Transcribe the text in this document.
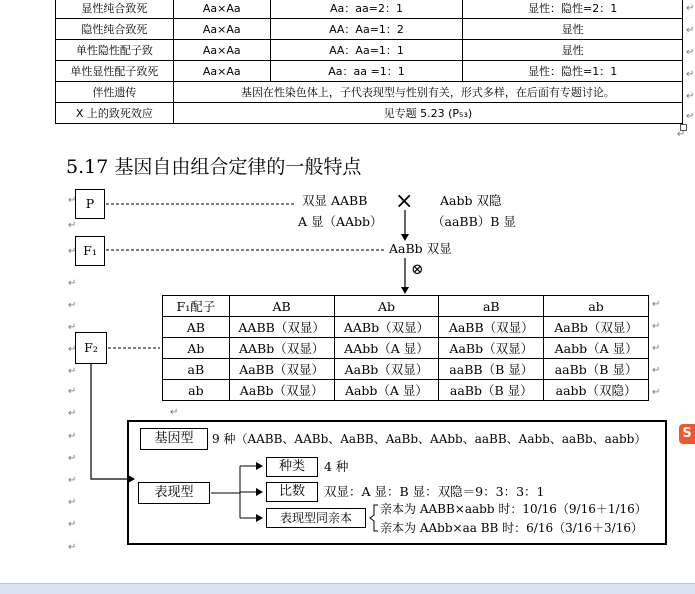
显性纯合致死	Aa×Aa	Aa：aa=2：1	显性：隐性=2：1
隐性纯合致死	Aa×Aa	AA：Aa=1：2	显性
单性隐性配子致	Aa×Aa	AA：Aa=1：1	显性
单性显性配子致死	Aa×Aa	Aa：aa =1：1	显性：隐性=1：1
伴性遗传	基因在性染色体上，子代表现型与性别有关，形式多样，在后面有专题讨论。		
X 上的致死效应	见专题 5.23 (P₅₃)		
↵
↵
↵
↵
↵
↵
5.17 基因自由组合定律的一般特点
P
F₁
F₂
双显 AABB
A 显（AAbb）
Aabb 双隐
（aaBB）B 显
×
AaBb 双显
⊗
F₁配子	AB	Ab	aB	ab
AB	AABB（双显）	AABb（双显）	AaBB（双显）	AaBb（双显）
Ab	AABb（双显）	AAbb（A 显）	AaBb（双显）	Aabb（A 显）
aB	AaBB（双显）	AaBb（双显）	aaBB（B 显）	aaBb（B 显）
ab	AaBb（双显）	Aabb（A 显）	aaBb（B 显）	aabb（双隐）
基因型	9 种（AABB、AABb、AaBB、AaBb、AAbb、aaBB、Aabb、aaBb、aabb）
表现型
种类	4 种
比数	双显：A 显：B 显：双隐＝9：3：3：1
表现型同亲本
亲本为 AABB×aabb 时：10/16（9/16＋1/16）
亲本为 AAbb×aa BB 时：6/16（3/16＋3/16）
↵
↵
↵
↵
↵
↵
↵
↵
↵
↵
↵
↵
↵
↵
↵
↵
↵
↵
↵
↵
↵
↵
↵
S
